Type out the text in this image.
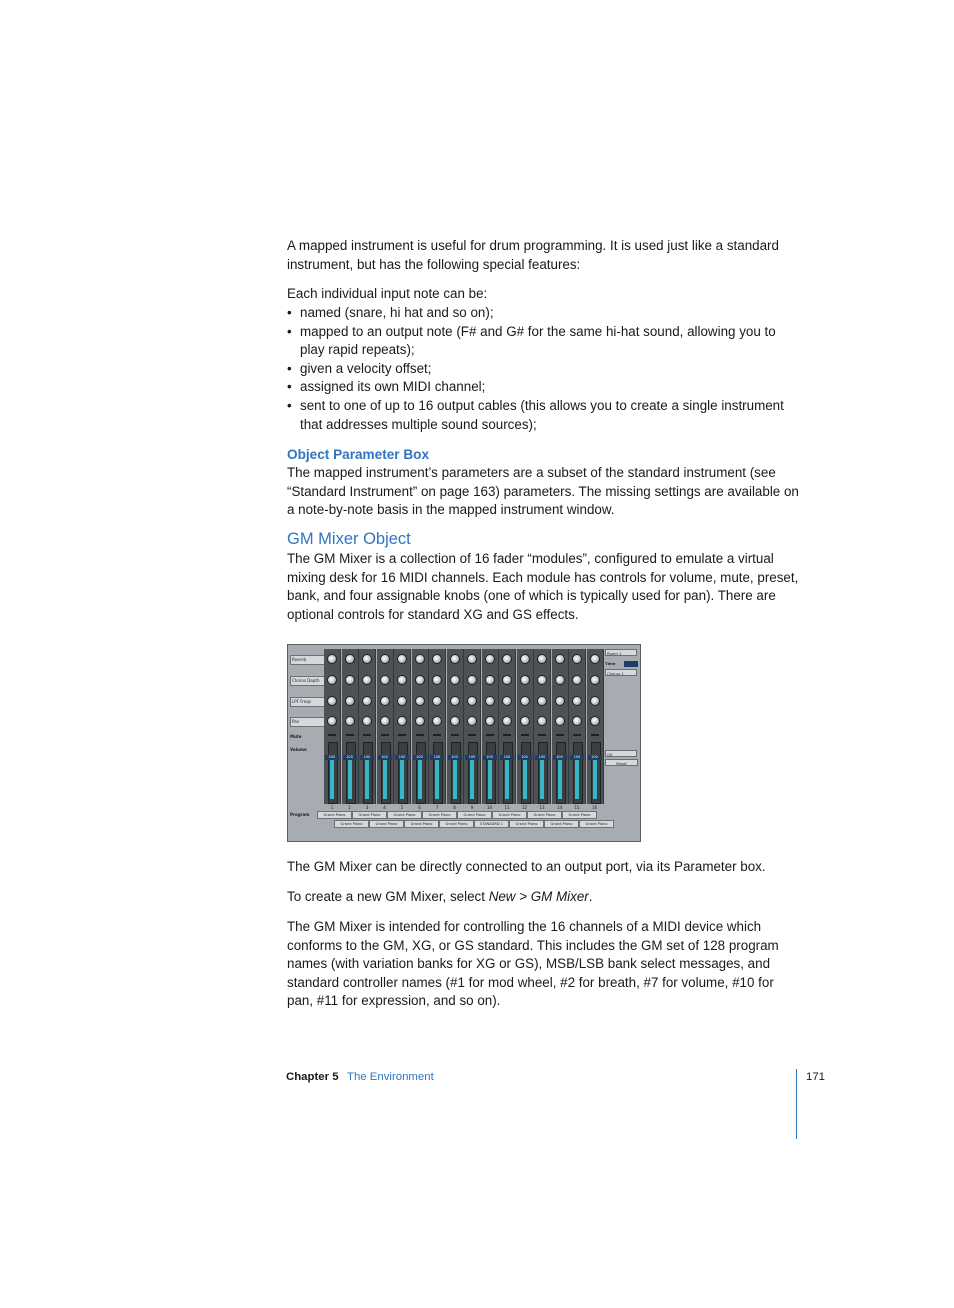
A mapped instrument is useful for drum programming. It is used just like a standard instrument, but has the following special features:

Each individual input note can be:

• named (snare, hi hat and so on);
• mapped to an output note (F# and G# for the same hi-hat sound, allowing you to play rapid repeats);
• given a velocity offset;
• assigned its own MIDI channel;
• sent to one of up to 16 output cables (this allows you to create a single instrument that addresses multiple sound sources);

Object Parameter Box

The mapped instrument’s parameters are a subset of the standard instrument (see “Standard Instrument” on page 163) parameters. The missing settings are available on a note-by-note basis in the mapped instrument window.

GM Mixer Object

The GM Mixer is a collection of 16 fader “modules”, configured to emulate a virtual mixing desk for 16 MIDI channels. Each module has controls for volume, mute, preset, bank, and four assignable knobs (one of which is typically used for pan). There are optional controls for standard XG and GS effects.

Reverb
Chorus Depth
LPF Freqs
Pan
Mute
Volume
Program
Room 1
Time
Chorus 1
GS
Reset
100
1
100
2
100
3
100
4
100
5
100
6
100
7
100
8
100
9
100
10
100
11
100
12
100
13
100
14
100
15
100
16
Grand Piano	Grand Piano	Grand Piano	Grand Piano	Grand Piano	Grand Piano	Grand Piano	Grand Piano
Grand Piano	Grand Piano	Grand Piano	Grand Piano	STANDARD 1	Grand Piano	Grand Piano	Grand Piano

The GM Mixer can be directly connected to an output port, via its Parameter box.

To create a new GM Mixer, select New > GM Mixer.

The GM Mixer is intended for controlling the 16 channels of a MIDI device which conforms to the GM, XG, or GS standard. This includes the GM set of 128 program names (with variation banks for XG or GS), MSB/LSB bank select messages, and standard controller names (#1 for mod wheel, #2 for breath, #7 for volume, #10 for pan, #11 for expression, and so on).

Chapter 5 The Environment	171
